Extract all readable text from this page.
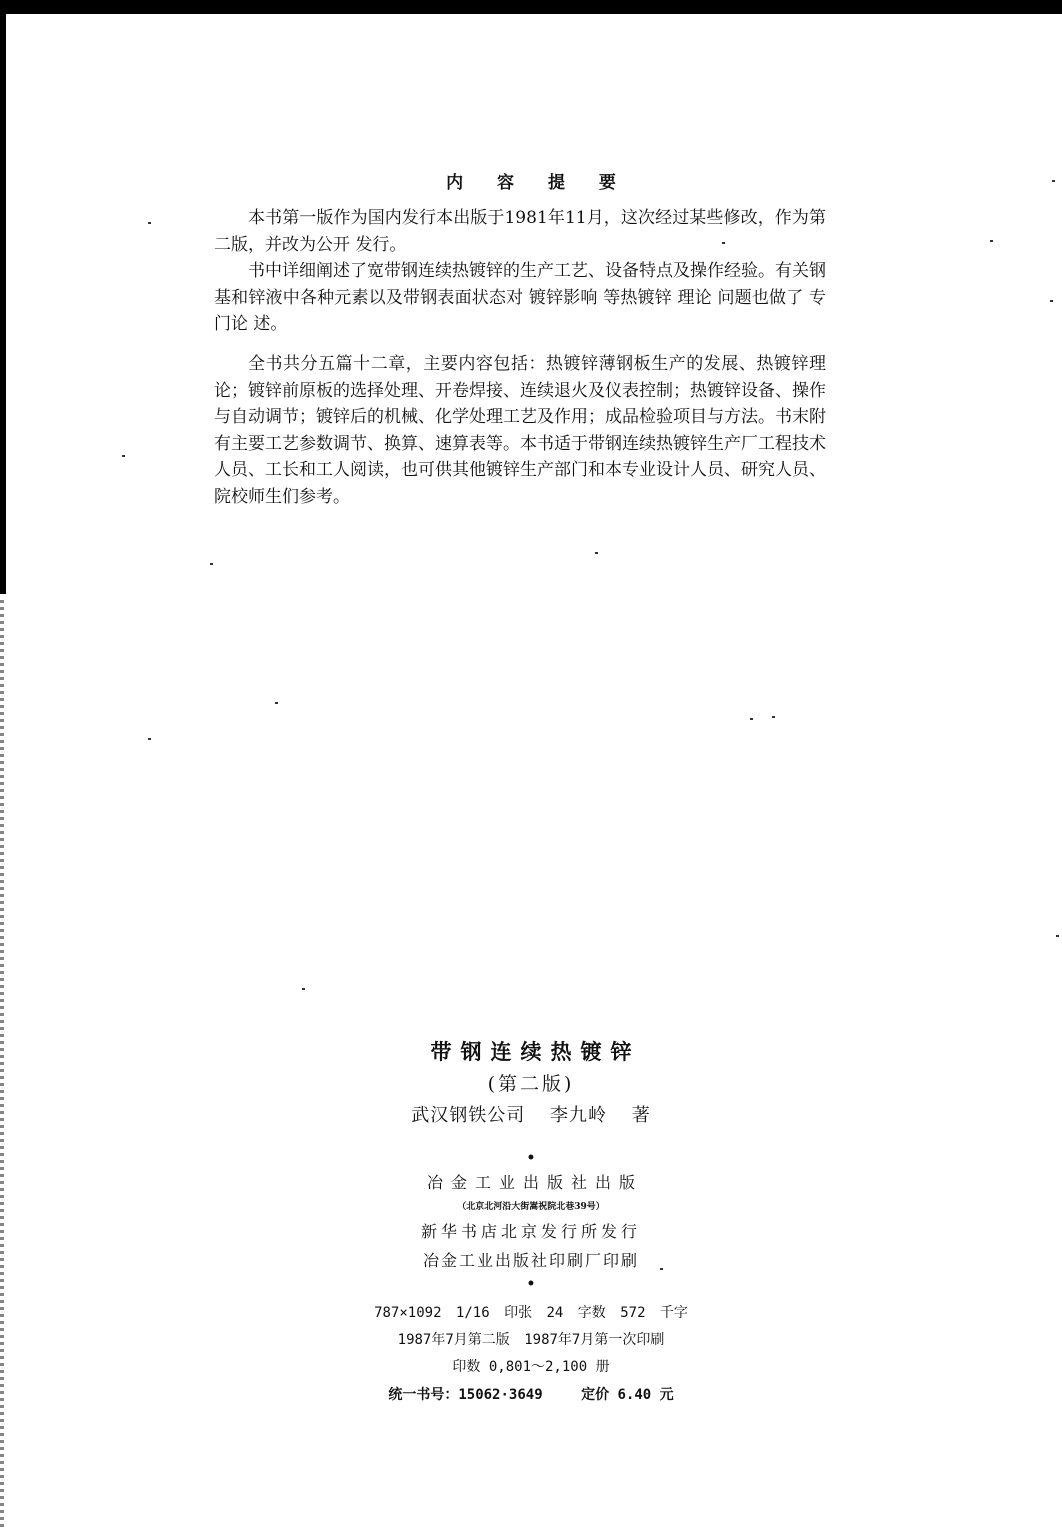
内 容 提 要

本书第一版作为国内发行本出版于1981年11月，这次经过某些修改，作为第二版，并改为公开 发行。

书中详细阐述了宽带钢连续热镀锌的生产工艺、设备特点及操作经验。有关钢基和锌液中各种元素以及带钢表面状态对 镀锌影响 等热镀锌 理论 问题也做了 专门论 述。

全书共分五篇十二章，主要内容包括：热镀锌薄钢板生产的发展、热镀锌理论；镀锌前原板的选择处理、开卷焊接、连续退火及仪表控制；热镀锌设备、操作与自动调节；镀锌后的机械、化学处理工艺及作用；成品检验项目与方法。书末附有主要工艺参数调节、换算、速算表等。本书适于带钢连续热镀锌生产厂工程技术人员、工长和工人阅读，也可供其他镀锌生产部门和本专业设计人员、研究人员、院校师生们参考。

带钢连续热镀锌
(第二版)
武汉钢铁公司 李九岭 著
•
冶金工业出版社出版
（北京北河沿大街嵩祝院北巷39号）
新华书店北京发行所发行
冶金工业出版社印刷厂印刷
•
787×1092 1/16 印张 24 字数 572 千字
1987年7月第二版 1987年7月第一次印刷
印数 0,801～2,100 册
统一书号：15062·3649	定价 6.40 元
